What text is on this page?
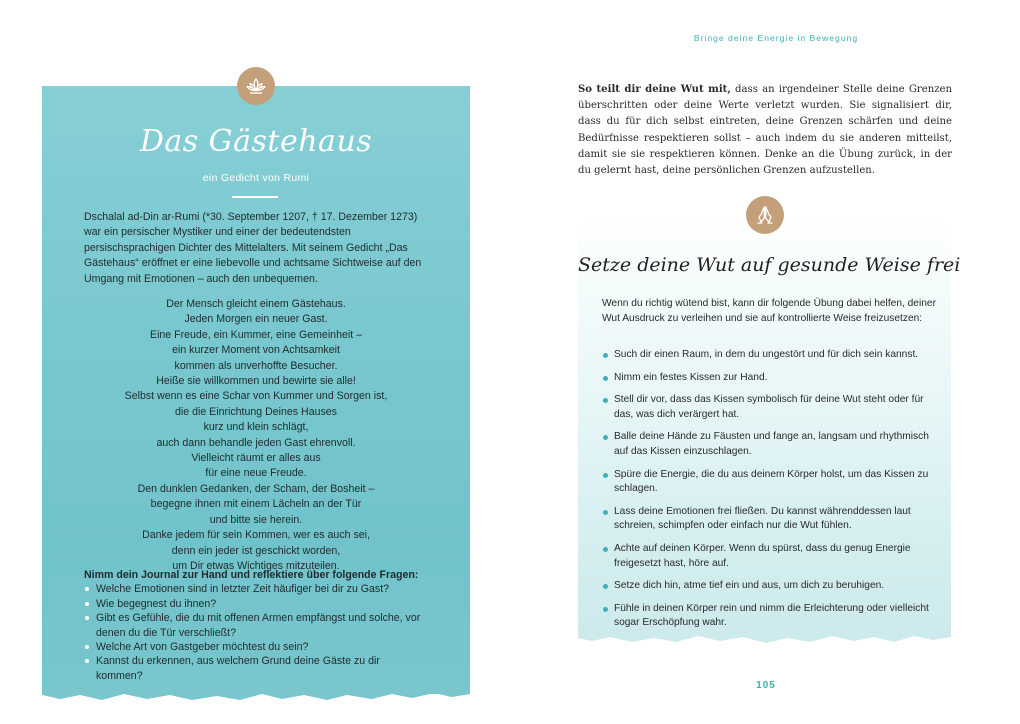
Das Gästehaus
ein Gedicht von Rumi
Dschalal ad-Din ar-Rumi (*30. September 1207, † 17. Dezember 1273) war ein persischer Mystiker und einer der bedeutendsten persischsprachigen Dichter des Mittelalters. Mit seinem Gedicht „Das Gästehaus“ eröffnet er eine liebevolle und achtsame Sichtweise auf den Umgang mit Emotionen – auch den unbequemen.
Der Mensch gleicht einem Gästehaus.
Jeden Morgen ein neuer Gast.
Eine Freude, ein Kummer, eine Gemeinheit –
ein kurzer Moment von Achtsamkeit
kommen als unverhoffte Besucher.
Heiße sie willkommen und bewirte sie alle!
Selbst wenn es eine Schar von Kummer und Sorgen ist,
die die Einrichtung Deines Hauses
kurz und klein schlägt,
auch dann behandle jeden Gast ehrenvoll.
Vielleicht räumt er alles aus
für eine neue Freude.
Den dunklen Gedanken, der Scham, der Bosheit –
begegne ihnen mit einem Lächeln an der Tür
und bitte sie herein.
Danke jedem für sein Kommen, wer es auch sei,
denn ein jeder ist geschickt worden,
um Dir etwas Wichtiges mitzuteilen.
Nimm dein Journal zur Hand und reflektiere über folgende Fragen:
Welche Emotionen sind in letzter Zeit häufiger bei dir zu Gast?
Wie begegnest du ihnen?
Gibt es Gefühle, die du mit offenen Armen empfängst und solche, vor denen du die Tür verschließt?
Welche Art von Gastgeber möchtest du sein?
Kannst du erkennen, aus welchem Grund deine Gäste zu dir kommen?
Bringe deine Energie in Bewegung
So teilt dir deine Wut mit, dass an irgendeiner Stelle deine Grenzen überschritten oder deine Werte verletzt wurden. Sie signalisiert dir, dass du für dich selbst eintreten, deine Grenzen schärfen und deine Bedürfnisse respektieren sollst – auch indem du sie anderen mitteilst, damit sie sie respektieren können. Denke an die Übung zurück, in der du gelernt hast, deine persönlichen Grenzen aufzustellen.
Setze deine Wut auf gesunde Weise frei
Wenn du richtig wütend bist, kann dir folgende Übung dabei helfen, deiner Wut Ausdruck zu verleihen und sie auf kontrollierte Weise freizusetzen:
Such dir einen Raum, in dem du ungestört und für dich sein kannst.
Nimm ein festes Kissen zur Hand.
Stell dir vor, dass das Kissen symbolisch für deine Wut steht oder für das, was dich verärgert hat.
Balle deine Hände zu Fäusten und fange an, langsam und rhythmisch auf das Kissen einzuschlagen.
Spüre die Energie, die du aus deinem Körper holst, um das Kissen zu schlagen.
Lass deine Emotionen frei fließen. Du kannst währenddessen laut schreien, schimpfen oder einfach nur die Wut fühlen.
Achte auf deinen Körper. Wenn du spürst, dass du genug Energie freigesetzt hast, höre auf.
Setze dich hin, atme tief ein und aus, um dich zu beruhigen.
Fühle in deinen Körper rein und nimm die Erleichterung oder vielleicht sogar Erschöpfung wahr.
105
